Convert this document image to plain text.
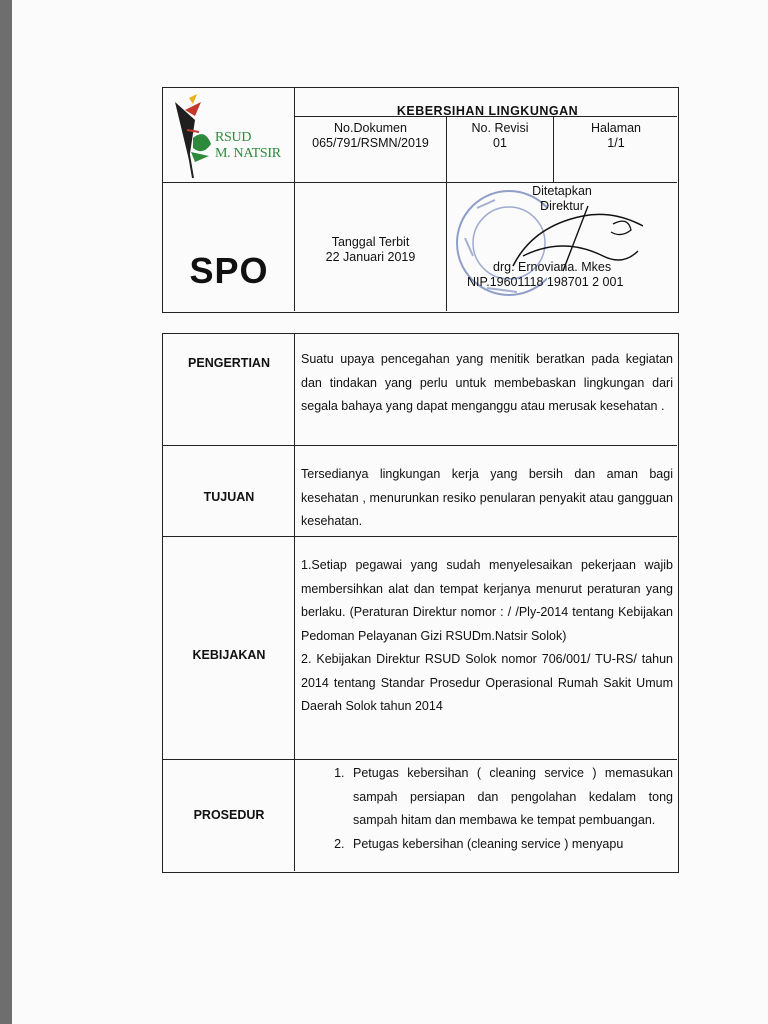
RSUD
M. NATSIR
SPO
KEBERSIHAN LINGKUNGAN
No.Dokumen
065/791/RSMN/2019
No. Revisi
01
Halaman
1/1
Tanggal Terbit
22 Januari 2019
Ditetapkan
Direktur
drg. Ernoviana. Mkes
NIP.19601118 198701 2 001
PENGERTIAN	Suatu upaya pencegahan yang menitik beratkan pada kegiatan dan tindakan yang perlu untuk membebaskan lingkungan dari segala bahaya yang dapat menganggu atau merusak kesehatan .
TUJUAN
Tersedianya lingkungan kerja yang bersih dan aman bagi kesehatan , menurunkan resiko penularan penyakit atau gangguan kesehatan.
KEBIJAKAN

1.Setiap pegawai yang sudah menyelesaikan pekerjaan wajib membersihkan alat dan tempat kerjanya menurut peraturan yang berlaku. (Peraturan Direktur nomor : / /Ply-2014 tentang Kebijakan Pedoman Pelayanan Gizi RSUDm.Natsir Solok)

2. Kebijakan Direktur RSUD Solok nomor 706/001/ TU-RS/ tahun 2014 tentang Standar Prosedur Operasional Rumah Sakit Umum Daerah Solok tahun 2014

PROSEDUR
1. Petugas kebersihan ( cleaning service ) memasukan sampah persiapan dan pengolahan kedalam tong sampah hitam dan membawa ke tempat pembuangan.
2. Petugas kebersihan (cleaning service ) menyapu
